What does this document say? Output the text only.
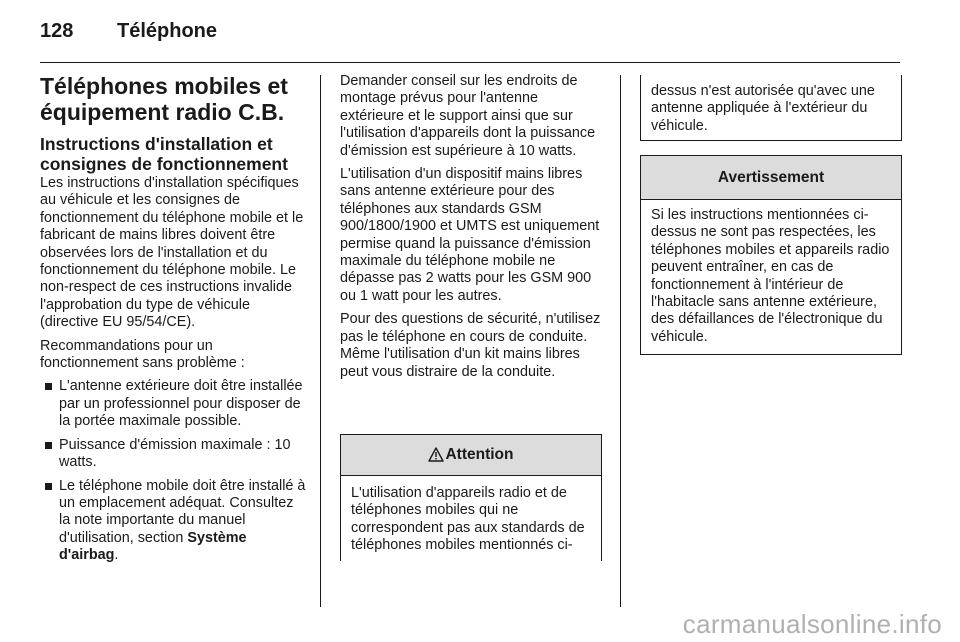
128 Téléphone
Téléphones mobiles et
équipement radio C.B.
Instructions d'installation et
consignes de fonctionnement

Les instructions d'installation spécifiques au véhicule et les consignes de fonctionnement du téléphone mobile et le fabricant de mains libres doivent être observées lors de l'installation et du fonctionnement du téléphone mobile. Le non-respect de ces instructions invalide l'approbation du type de véhicule (directive EU 95/54/CE).

Recommandations pour un fonctionnement sans problème :

L'antenne extérieure doit être installée par un professionnel pour disposer de la portée maximale possible.
Puissance d'émission maximale : 10 watts.
Le téléphone mobile doit être installé à un emplacement adéquat. Consultez la note importante du manuel d'utilisation, section Système d'airbag.

Demander conseil sur les endroits de montage prévus pour l'antenne extérieure et le support ainsi que sur l'utilisation d'appareils dont la puissance d'émission est supérieure à 10 watts.

L'utilisation d'un dispositif mains libres sans antenne extérieure pour des téléphones aux standards GSM 900/1800/1900 et UMTS est uniquement permise quand la puissance d'émission maximale du téléphone mobile ne dépasse pas 2 watts pour les GSM 900 ou 1 watt pour les autres.

Pour des questions de sécurité, n'utilisez pas le téléphone en cours de conduite. Même l'utilisation d'un kit mains libres peut vous distraire de la conduite.

Attention
L'utilisation d'appareils radio et de téléphones mobiles qui ne correspondent pas aux standards de téléphones mobiles mentionnés ci-
dessus n'est autorisée qu'avec une antenne appliquée à l'extérieur du véhicule.
Avertissement
Si les instructions mentionnées ci-dessus ne sont pas respectées, les téléphones mobiles et appareils radio peuvent entraîner, en cas de fonctionnement à l'intérieur de l'habitacle sans antenne extérieure, des défaillances de l'électronique du véhicule.
carmanualsonline.info
